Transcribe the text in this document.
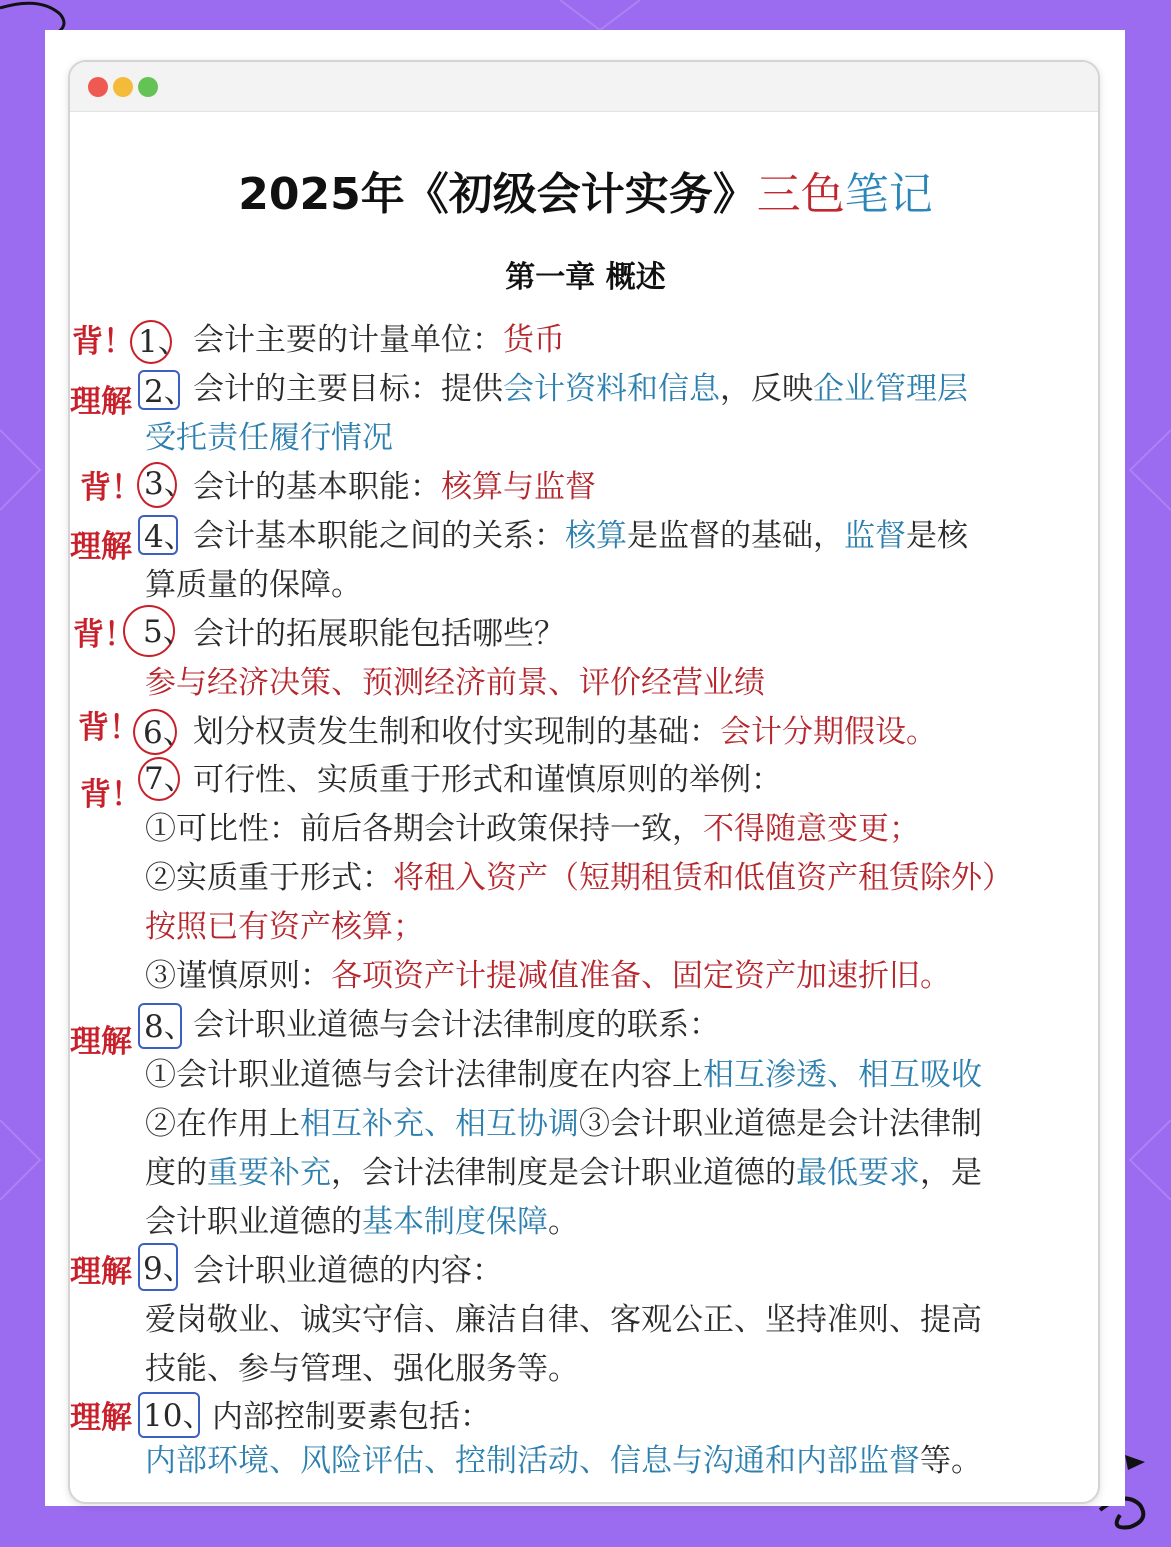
2025年《初级会计实务》三色笔记
第一章 概述
背！ 1、 会计主要的计量单位：货币
理解 2、
会计的主要目标：提供会计资料和信息，反映企业管理层
受托责任履行情况
背！ 3、
会计的基本职能：核算与监督
理解 4、
会计基本职能之间的关系：核算是监督的基础，监督是核
算质量的保障。
背！ 5、 会计的拓展职能包括哪些？
参与经济决策、预测经济前景、评价经营业绩
背！ 6、 划分权责发生制和收付实现制的基础：会计分期假设。
背！ 7、
可行性、实质重于形式和谨慎原则的举例：
①可比性：前后各期会计政策保持一致，不得随意变更；
②实质重于形式：将租入资产（短期租赁和低值资产租赁除外）
按照已有资产核算；
③谨慎原则：各项资产计提减值准备、固定资产加速折旧。
理解 8、
会计职业道德与会计法律制度的联系：
①会计职业道德与会计法律制度在内容上相互渗透、相互吸收
②在作用上相互补充、相互协调③会计职业道德是会计法律制
度的重要补充，会计法律制度是会计职业道德的最低要求，是
会计职业道德的基本制度保障。
理解 9、 会计职业道德的内容：
爱岗敬业、诚实守信、廉洁自律、客观公正、坚持准则、提高
技能、参与管理、强化服务等。
理解 10、
内部控制要素包括：
内部环境、风险评估、控制活动、信息与沟通和内部监督等。
